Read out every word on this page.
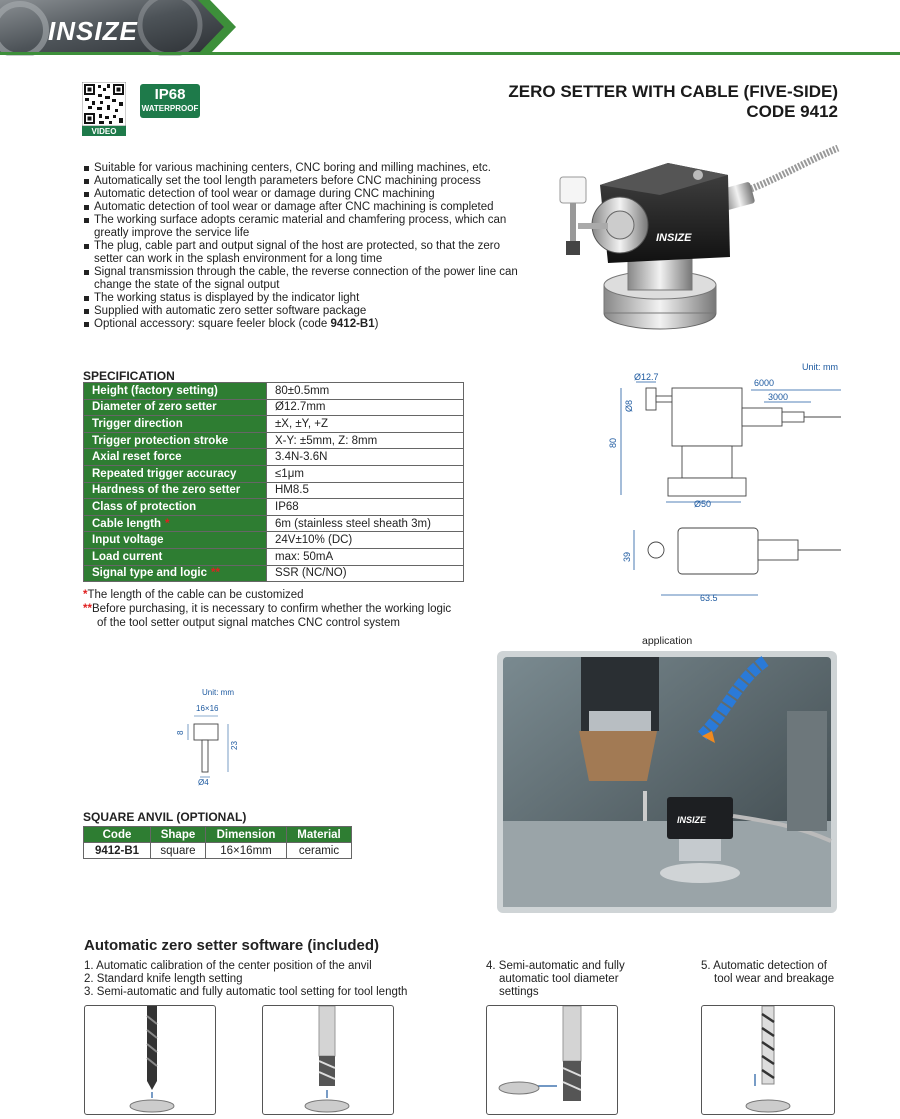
INSIZE
VIDEO
IP68
WATERPROOF
ZERO SETTER WITH CABLE (FIVE-SIDE)
CODE 9412
Suitable for various machining centers, CNC boring and milling machines, etc.
Automatically set the tool length parameters before CNC machining process
Automatic detection of tool wear or damage during CNC machining
Automatic detection of tool wear or damage after CNC machining is completed
The working surface adopts ceramic material and chamfering process, which can greatly improve the service life
The plug, cable part and output signal of the host are protected, so that the zero setter can work in the splash environment for a long time
Signal transmission through the cable, the reverse connection of the power line can change the state of the signal output
The working status is displayed by the indicator light
Supplied with automatic zero setter software package
Optional accessory: square feeler block (code 9412-B1)
INSIZE
SPECIFICATION
Height (factory setting)	80±0.5mm
Diameter of zero setter	Ø12.7mm
Trigger direction	±X, ±Y, +Z
Trigger protection stroke	X-Y: ±5mm, Z: 8mm
Axial reset force	3.4N-3.6N
Repeated trigger accuracy	≤1μm
Hardness of the zero setter	HM8.5
Class of protection	IP68
Cable length *	6m (stainless steel sheath 3m)
Input voltage	24V±10% (DC)
Load current	max: 50mA
Signal type and logic **	SSR (NC/NO)
*The length of the cable can be customized
**Before purchasing, it is necessary to confirm whether the working logic
of the tool setter output signal matches CNC control system
Unit: mm
Ø12.7
6000
3000
Ø8
80
Ø50
39
63.5
application
INSIZE
Unit: mm
16×16
8
23
Ø4
SQUARE ANVIL (OPTIONAL)
Code	Shape	Dimension	Material
9412-B1	square	16×16mm	ceramic
Automatic zero setter software (included)
1. Automatic calibration of the center position of the anvil
2. Standard knife length setting
3. Semi-automatic and fully automatic tool setting for tool length
4. Semi-automatic and fully
automatic tool diameter
settings
5. Automatic detection of
tool wear and breakage
